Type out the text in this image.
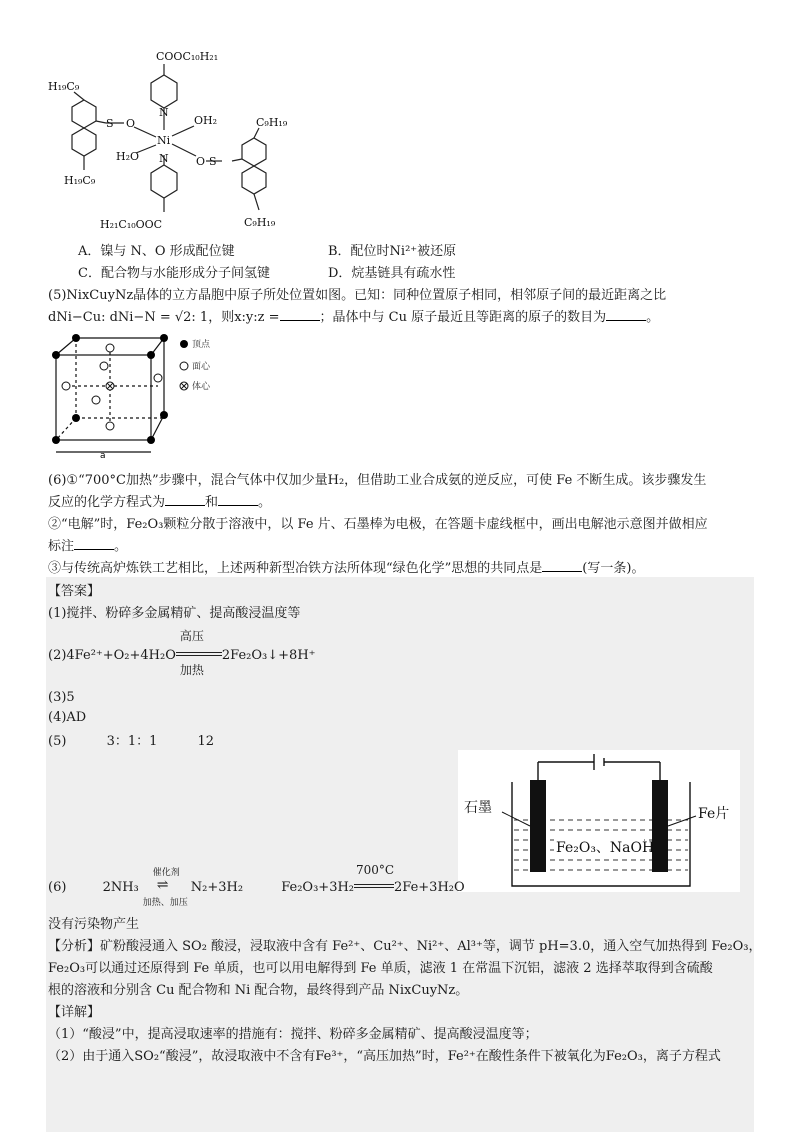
COOC₁₀H₂₁
N
Ni
OH₂
H₂O N
H₂₁C₁₀OOC
H₁₉C₉
H₁₉C₉
C₉H₁₉
C₉H₁₉
S O
S
O
A．镍与 N、O 形成配位键	B．配位时Ni²⁺被还原
C．配合物与水能形成分子间氢键	D．烷基链具有疏水性
(5)NixCuyNz晶体的立方晶胞中原子所处位置如图。已知：同种位置原子相同，相邻原子间的最近距离之比
dNi−Cu: dNi−N = √2: 1，则x:y:z =	；晶体中与 Cu 原子最近且等距离的原子的数目为	。
a
顶点
面心
体心
(6)①“700°C加热”步骤中，混合气体中仅加少量H₂，但借助工业合成氨的逆反应，可使 Fe 不断生成。该步骤发生
反应的化学方程式为	和	。
②“电解”时，Fe₂O₃颗粒分散于溶液中，以 Fe 片、石墨棒为电极，在答题卡虚线框中，画出电解池示意图并做相应
标注	。
③与传统高炉炼铁工艺相比，上述两种新型冶铁方法所体现“绿色化学”思想的共同点是	(写一条)。
【答案】
(1)搅拌、粉碎多金属精矿、提高酸浸温度等
(2)4Fe²⁺+O₂+4H₂O
高压
加热
2Fe₂O₃↓+8H⁺
(3)5
(4)AD
(5)	3：1：1	12
石墨	Fe片
Fe₂O₃、NaOH
(6)	2NH₃
催化剂
⇌
加热、加压
N₂+3H₂	Fe₂O₃+3H₂
700°C
2Fe+3H₂O
没有污染物产生
【分析】矿粉酸浸通入 SO₂ 酸浸，浸取液中含有 Fe²⁺、Cu²⁺、Ni²⁺、Al³⁺等，调节 pH=3.0，通入空气加热得到 Fe₂O₃，
Fe₂O₃可以通过还原得到 Fe 单质，也可以用电解得到 Fe 单质，滤液 1 在常温下沉铝，滤液 2 选择萃取得到含硫酸
根的溶液和分别含 Cu 配合物和 Ni 配合物，最终得到产品 NixCuyNz。
【详解】
（1）“酸浸”中，提高浸取速率的措施有：搅拌、粉碎多金属精矿、提高酸浸温度等；
（2）由于通入SO₂“酸浸”，故浸取液中不含有Fe³⁺，“高压加热”时，Fe²⁺在酸性条件下被氧化为Fe₂O₃，离子方程式
